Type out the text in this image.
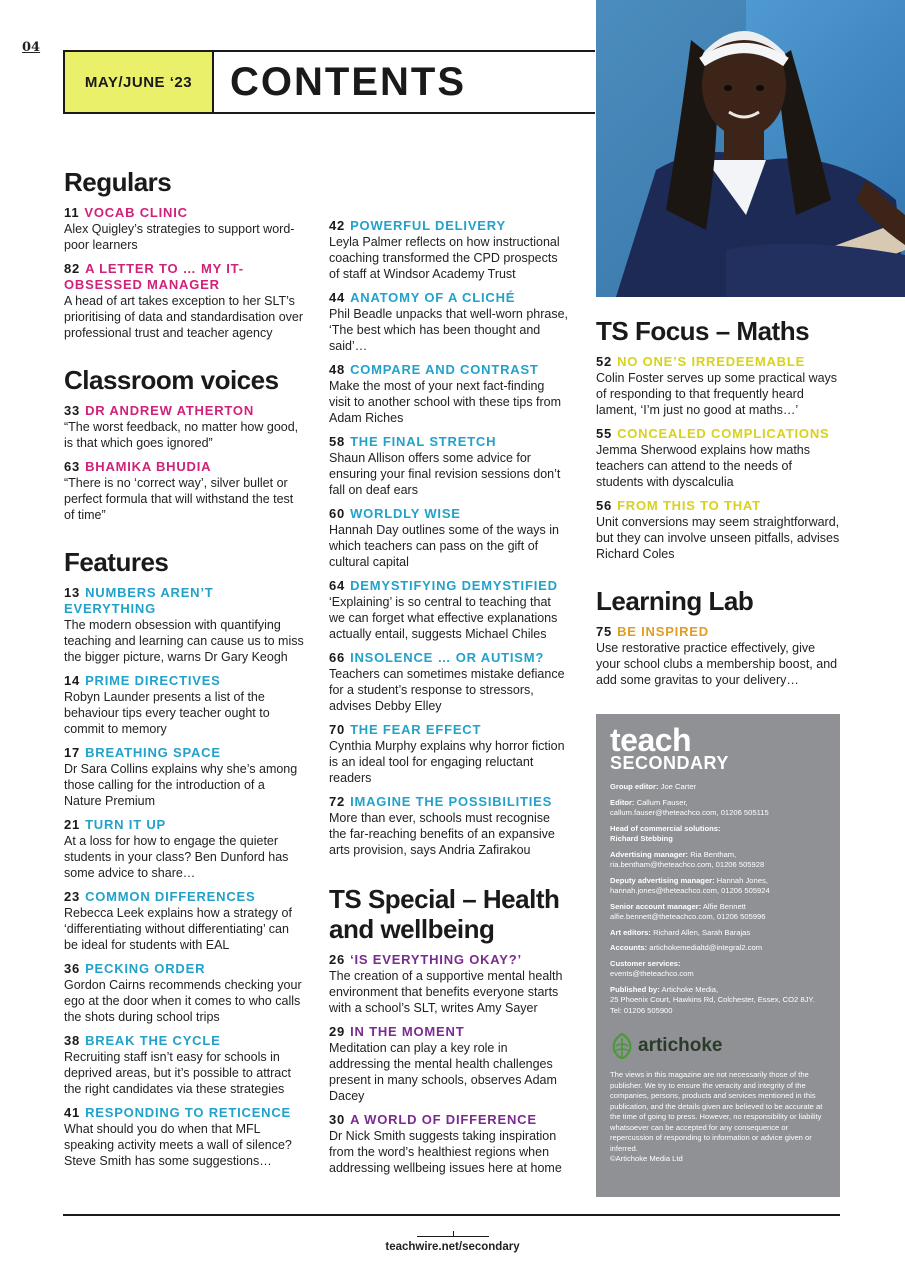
04
MAY/JUNE ‘23 CONTENTS
Regulars
11 VOCAB CLINIC
Alex Quigley’s strategies to support word-poor learners
82 A LETTER TO … MY IT-OBSESSED MANAGER
A head of art takes exception to her SLT’s prioritising of data and standardisation over professional trust and teacher agency
Classroom voices
33 DR ANDREW ATHERTON
“The worst feedback, no matter how good, is that which goes ignored”
63 BHAMIKA BHUDIA
“There is no ‘correct way’, silver bullet or perfect formula that will withstand the test of time”
Features
13 NUMBERS AREN’T EVERYTHING
The modern obsession with quantifying teaching and learning can cause us to miss the bigger picture, warns Dr Gary Keogh
14 PRIME DIRECTIVES
Robyn Launder presents a list of the behaviour tips every teacher ought to commit to memory
17 BREATHING SPACE
Dr Sara Collins explains why she’s among those calling for the introduction of a Nature Premium
21 TURN IT UP
At a loss for how to engage the quieter students in your class? Ben Dunford has some advice to share…
23 COMMON DIFFERENCES
Rebecca Leek explains how a strategy of ‘differentiating without differentiating’ can be ideal for students with EAL
36 PECKING ORDER
Gordon Cairns recommends checking your ego at the door when it comes to who calls the shots during school trips
38 BREAK THE CYCLE
Recruiting staff isn’t easy for schools in deprived areas, but it’s possible to attract the right candidates via these strategies
41 RESPONDING TO RETICENCE
What should you do when that MFL speaking activity meets a wall of silence? Steve Smith has some suggestions…
42 POWERFUL DELIVERY
Leyla Palmer reflects on how instructional coaching transformed the CPD prospects of staff at Windsor Academy Trust
44 ANATOMY OF A CLICHÉ
Phil Beadle unpacks that well-worn phrase, ‘The best which has been thought and said’…
48 COMPARE AND CONTRAST
Make the most of your next fact-finding visit to another school with these tips from Adam Riches
58 THE FINAL STRETCH
Shaun Allison offers some advice for ensuring your final revision sessions don’t fall on deaf ears
60 WORLDLY WISE
Hannah Day outlines some of the ways in which teachers can pass on the gift of cultural capital
64 DEMYSTIFYING DEMYSTIFIED
‘Explaining’ is so central to teaching that we can forget what effective explanations actually entail, suggests Michael Chiles
66 INSOLENCE … OR AUTISM?
Teachers can sometimes mistake defiance for a student’s response to stressors, advises Debby Elley
70 THE FEAR EFFECT
Cynthia Murphy explains why horror fiction is an ideal tool for engaging reluctant readers
72 IMAGINE THE POSSIBILITIES
More than ever, schools must recognise the far-reaching benefits of an expansive arts provision, says Andria Zafirakou
TS Special – Health
and wellbeing
26 ‘IS EVERYTHING OKAY?’
The creation of a supportive mental health environment that benefits everyone starts with a school’s SLT, writes Amy Sayer
29 IN THE MOMENT
Meditation can play a key role in addressing the mental health challenges present in many schools, observes Adam Dacey
30 A WORLD OF DIFFERENCE
Dr Nick Smith suggests taking inspiration from the word’s healthiest regions when addressing wellbeing issues here at home
TS Focus – Maths
52 NO ONE’S IRREDEEMABLE
Colin Foster serves up some practical ways of responding to that frequently heard lament, ‘I’m just no good at maths…’
55 CONCEALED COMPLICATIONS
Jemma Sherwood explains how maths teachers can attend to the needs of students with dyscalculia
56 FROM THIS TO THAT
Unit conversions may seem straightforward, but they can involve unseen pitfalls, advises Richard Coles
Learning Lab
75 BE INSPIRED
Use restorative practice effectively, give your school clubs a membership boost, and add some gravitas to your delivery…
teach
SECONDARY
Group editor: Joe Carter
Editor: Callum Fauser,
callum.fauser@theteachco.com, 01206 505115
Head of commercial solutions:
Richard Stebbing
Advertising manager: Ria Bentham,
ria.bentham@theteachco.com, 01206 505928
Deputy advertising manager: Hannah Jones,
hannah.jones@theteachco.com, 01206 505924
Senior account manager: Alfie Bennett
alfie.bennett@theteachco.com, 01206 505996
Art editors: Richard Allen, Sarah Barajas
Accounts: artichokemedialtd@integral2.com
Customer services:
events@theteachco.com
Published by: Artichoke Media,
25 Phoenix Court, Hawkins Rd, Colchester, Essex, CO2 8JY. Tel: 01206 505900
artichoke
The views in this magazine are not necessarily those of the publisher. We try to ensure the veracity and integrity of the companies, persons, products and services mentioned in this publication, and the details given are believed to be accurate at the time of going to press. However, no responsibility or liability whatsoever can be accepted for any consequence or repercussion of responding to information or advice given or inferred.
©Artichoke Media Ltd
teachwire.net/secondary
